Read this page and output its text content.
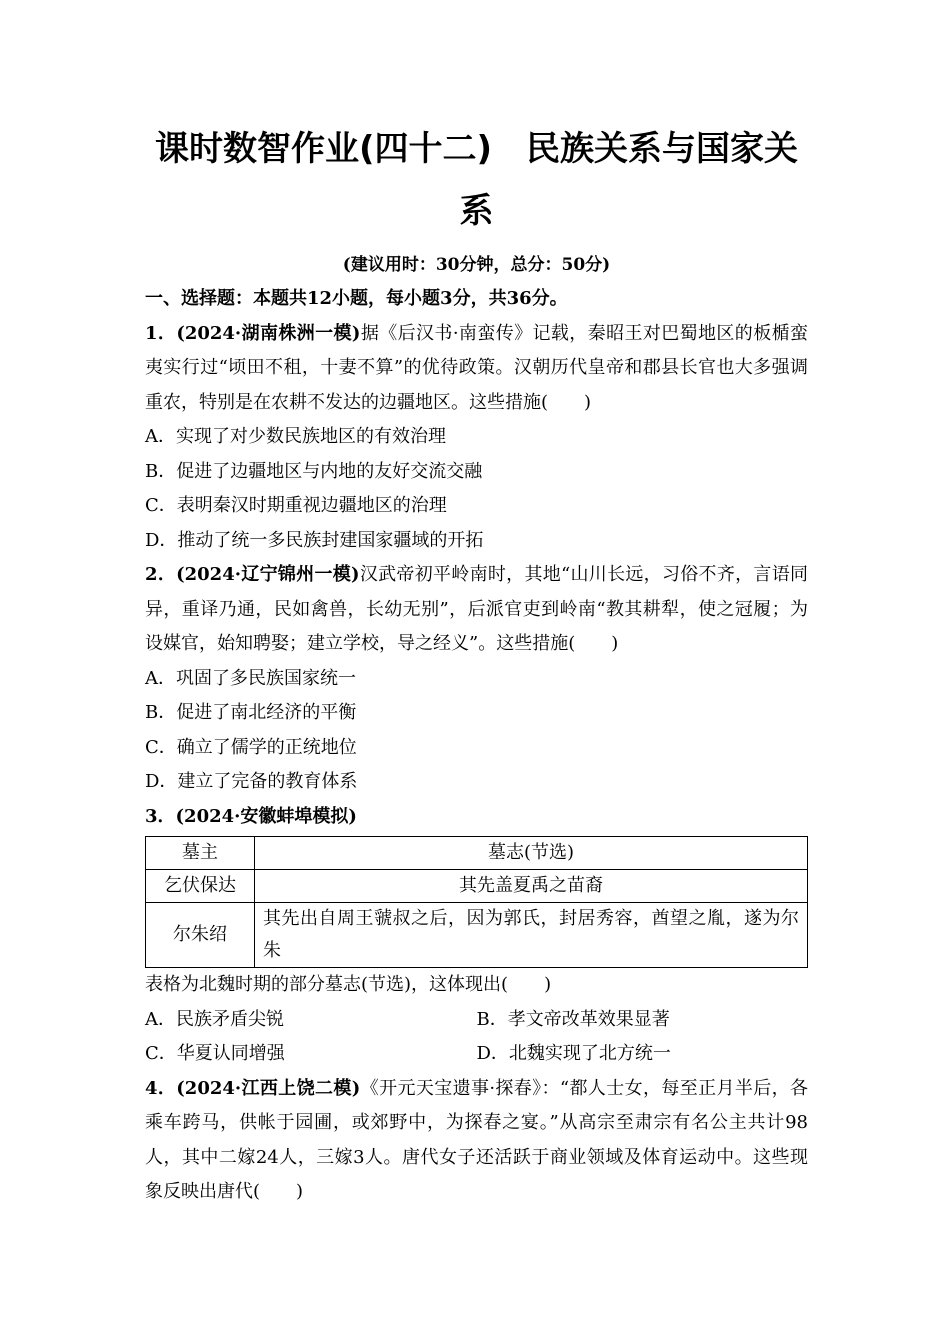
课时数智作业(四十二)　民族关系与国家关系
(建议用时：30分钟，总分：50分)
一、选择题：本题共12小题，每小题3分，共36分。
1．(2024·湖南株洲一模)据《后汉书·南蛮传》记载，秦昭王对巴蜀地区的板楯蛮夷实行过“顷田不租，十妻不算”的优待政策。汉朝历代皇帝和郡县长官也大多强调重农，特别是在农耕不发达的边疆地区。这些措施(　　)
A．实现了对少数民族地区的有效治理
B．促进了边疆地区与内地的友好交流交融
C．表明秦汉时期重视边疆地区的治理
D．推动了统一多民族封建国家疆域的开拓
2．(2024·辽宁锦州一模)汉武帝初平岭南时，其地“山川长远，习俗不齐，言语同异，重译乃通，民如禽兽，长幼无别”，后派官吏到岭南“教其耕犁，使之冠履；为设媒官，始知聘娶；建立学校，导之经义”。这些措施(　　)
A．巩固了多民族国家统一
B．促进了南北经济的平衡
C．确立了儒学的正统地位
D．建立了完备的教育体系
3．(2024·安徽蚌埠模拟)
墓主	墓志(节选)
乞伏保达	其先盖夏禹之苗裔
尔朱绍	其先出自周王虢叔之后，因为郭氏，封居秀容，酋望之胤，遂为尔朱
表格为北魏时期的部分墓志(节选)，这体现出(　　)
A．民族矛盾尖锐	B．孝文帝改革效果显著
C．华夏认同增强	D．北魏实现了北方统一
4．(2024·江西上饶二模)《开元天宝遗事·探春》：“都人士女，每至正月半后，各乘车跨马，供帐于园圃，或郊野中，为探春之宴。”从高宗至肃宗有名公主共计98人，其中二嫁24人，三嫁3人。唐代女子还活跃于商业领域及体育运动中。这些现象反映出唐代(　　)
